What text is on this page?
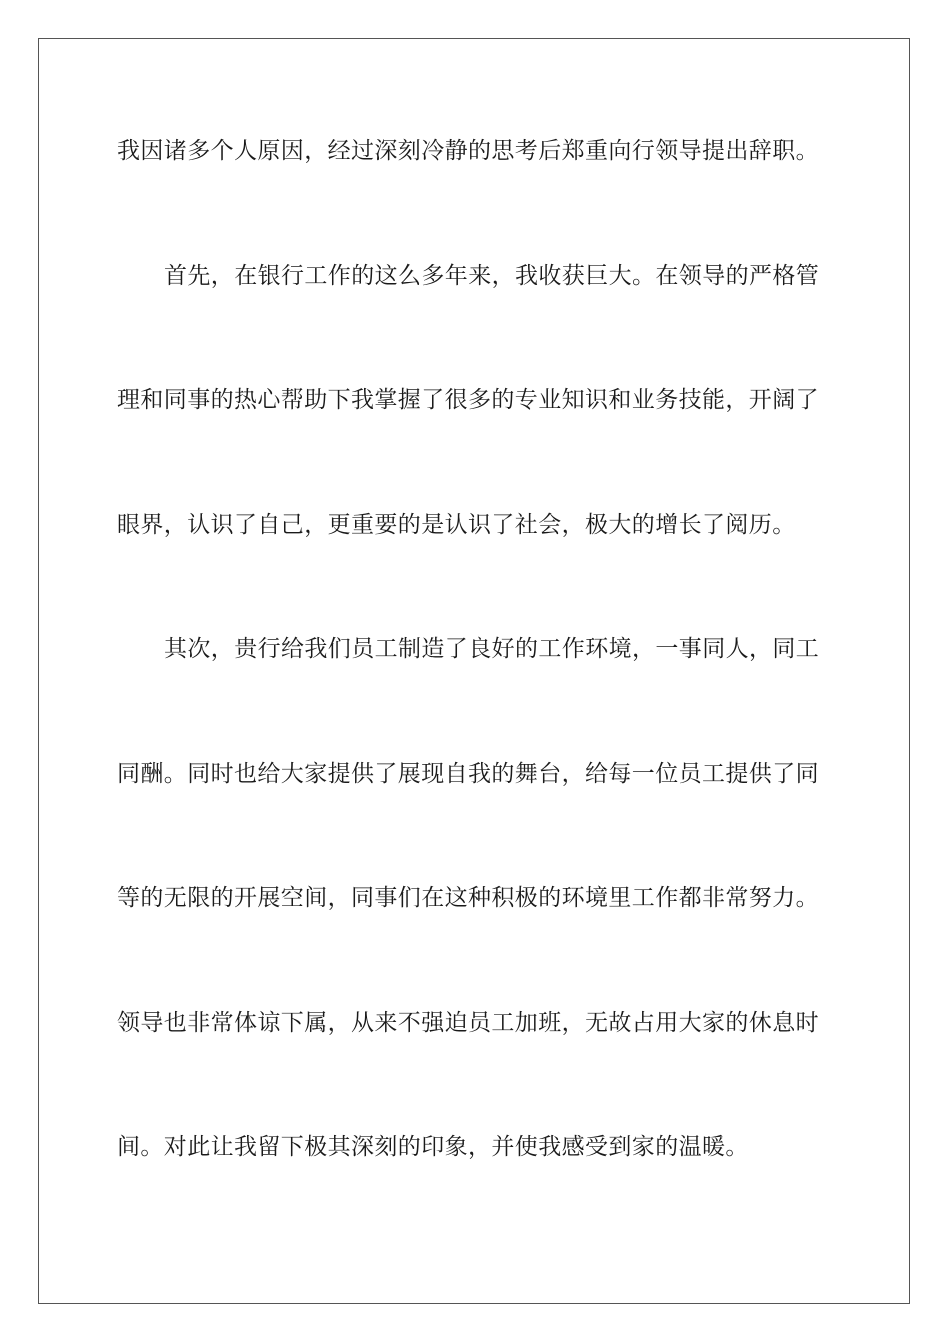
我因诸多个人原因，经过深刻冷静的思考后郑重向行领导提出辞职。
首先，在银行工作的这么多年来，我收获巨大。在领导的严格管
理和同事的热心帮助下我掌握了很多的专业知识和业务技能，开阔了
眼界，认识了自己，更重要的是认识了社会，极大的增长了阅历。
其次，贵行给我们员工制造了良好的工作环境，一事同人，同工
同酬。同时也给大家提供了展现自我的舞台，给每一位员工提供了同
等的无限的开展空间，同事们在这种积极的环境里工作都非常努力。
领导也非常体谅下属，从来不强迫员工加班，无故占用大家的休息时
间。对此让我留下极其深刻的印象，并使我感受到家的温暖。
